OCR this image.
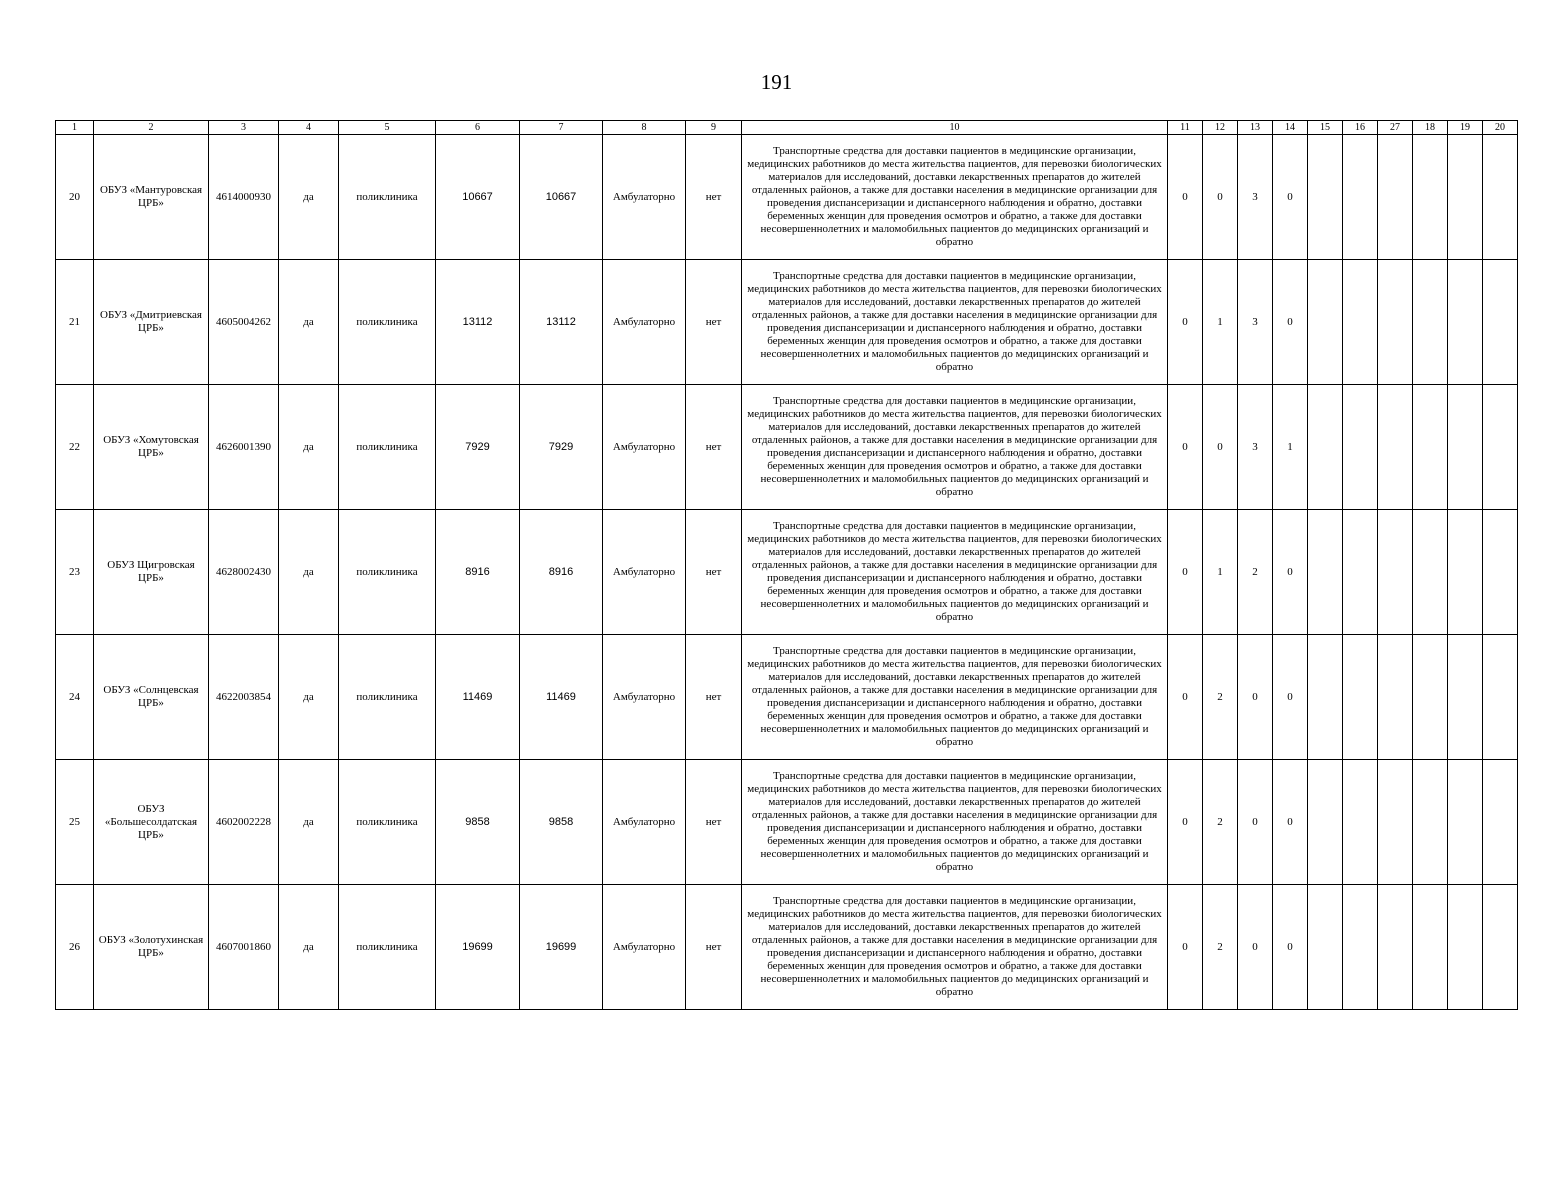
191
1	2	3	4	5	6	7	8	9	10	11	12	13	14	15	16	27	18	19	20
20	ОБУЗ «Мантуровская ЦРБ»	4614000930	да	поликлиника	10667	10667	Амбулаторно	нет	Транспортные средства для доставки пациентов в медицинские организации, медицинских работников до места жительства пациентов, для перевозки биологических материалов для исследований, доставки лекарственных препаратов до жителей отдаленных районов, а также для доставки населения в медицинские организации для проведения диспансеризации и диспансерного наблюдения и обратно, доставки беременных женщин для проведения осмотров и обратно, а также для доставки несовершеннолетних и маломобильных пациентов до медицинских организаций и обратно	0	0	3	0						
21	ОБУЗ «Дмитриевская ЦРБ»	4605004262	да	поликлиника	13112	13112	Амбулаторно	нет	Транспортные средства для доставки пациентов в медицинские организации, медицинских работников до места жительства пациентов, для перевозки биологических материалов для исследований, доставки лекарственных препаратов до жителей отдаленных районов, а также для доставки населения в медицинские организации для проведения диспансеризации и диспансерного наблюдения и обратно, доставки беременных женщин для проведения осмотров и обратно, а также для доставки несовершеннолетних и маломобильных пациентов до медицинских организаций и обратно	0	1	3	0						
22	ОБУЗ «Хомутовская ЦРБ»	4626001390	да	поликлиника	7929	7929	Амбулаторно	нет	Транспортные средства для доставки пациентов в медицинские организации, медицинских работников до места жительства пациентов, для перевозки биологических материалов для исследований, доставки лекарственных препаратов до жителей отдаленных районов, а также для доставки населения в медицинские организации для проведения диспансеризации и диспансерного наблюдения и обратно, доставки беременных женщин для проведения осмотров и обратно, а также для доставки несовершеннолетних и маломобильных пациентов до медицинских организаций и обратно	0	0	3	1						
23	ОБУЗ Щигровская ЦРБ»	4628002430	да	поликлиника	8916	8916	Амбулаторно	нет	Транспортные средства для доставки пациентов в медицинские организации, медицинских работников до места жительства пациентов, для перевозки биологических материалов для исследований, доставки лекарственных препаратов до жителей отдаленных районов, а также для доставки населения в медицинские организации для проведения диспансеризации и диспансерного наблюдения и обратно, доставки беременных женщин для проведения осмотров и обратно, а также для доставки несовершеннолетних и маломобильных пациентов до медицинских организаций и обратно	0	1	2	0						
24	ОБУЗ «Солнцевская ЦРБ»	4622003854	да	поликлиника	11469	11469	Амбулаторно	нет	Транспортные средства для доставки пациентов в медицинские организации, медицинских работников до места жительства пациентов, для перевозки биологических материалов для исследований, доставки лекарственных препаратов до жителей отдаленных районов, а также для доставки населения в медицинские организации для проведения диспансеризации и диспансерного наблюдения и обратно, доставки беременных женщин для проведения осмотров и обратно, а также для доставки несовершеннолетних и маломобильных пациентов до медицинских организаций и обратно	0	2	0	0						
25	ОБУЗ «Большесолдатская ЦРБ»	4602002228	да	поликлиника	9858	9858	Амбулаторно	нет	Транспортные средства для доставки пациентов в медицинские организации, медицинских работников до места жительства пациентов, для перевозки биологических материалов для исследований, доставки лекарственных препаратов до жителей отдаленных районов, а также для доставки населения в медицинские организации для проведения диспансеризации и диспансерного наблюдения и обратно, доставки беременных женщин для проведения осмотров и обратно, а также для доставки несовершеннолетних и маломобильных пациентов до медицинских организаций и обратно	0	2	0	0						
26	ОБУЗ «Золотухинская ЦРБ»	4607001860	да	поликлиника	19699	19699	Амбулаторно	нет	Транспортные средства для доставки пациентов в медицинские организации, медицинских работников до места жительства пациентов, для перевозки биологических материалов для исследований, доставки лекарственных препаратов до жителей отдаленных районов, а также для доставки населения в медицинские организации для проведения диспансеризации и диспансерного наблюдения и обратно, доставки беременных женщин для проведения осмотров и обратно, а также для доставки несовершеннолетних и маломобильных пациентов до медицинских организаций и обратно	0	2	0	0						
